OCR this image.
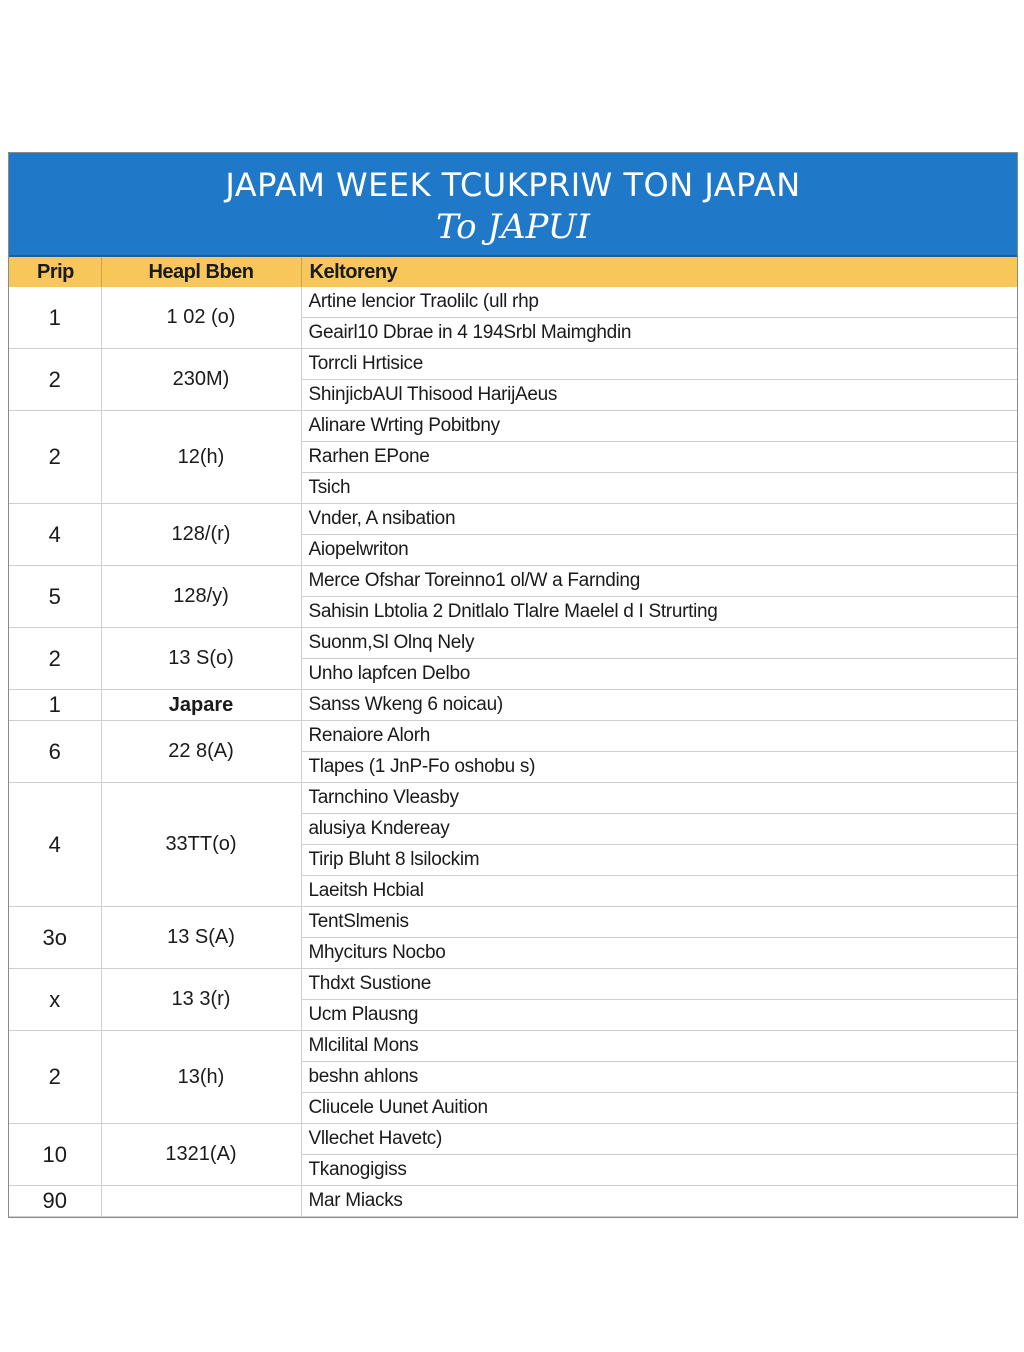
JAPAM WEEK TCUKPRIW TON JAPAN
To JAPUI
Prip	Heapl Bben	Keltoreny
1	1 02 (o)	Artine lencior Traolilc (ull rhp
		Geairl10 Dbrae in 4 194Srbl Maimghdin
2	230M)	Torrcli Hrtisice
		ShinjicbAUl Thisood HarijAeus
2	12(h)	Alinare Wrting Pobitbny
		Rarhen EPone
		Tsich
4	128/(r)	Vnder, A nsibation
		Aiopelwriton
5	128/y)	Merce Ofshar Toreinno1 ol/W a Farnding
		Sahisin Lbtolia 2 Dnitlalo Tlalre Maelel d I Strurting
2	13 S(o)	Suonm,Sl Olnq Nely
		Unho lapfcen Delbo
1	Japare	Sanss Wkeng 6 noicau)
6	22 8(A)	Renaiore Alorh
		Tlapes (1 JnP-Fo oshobu s)
4	33TT(o)	Tarnchino Vleasby
		alusiya Kndereay
		Tirip Bluht 8 lsilockim
		Laeitsh Hcbial
3o	13 S(A)	TentSlmenis
		Mhyciturs Nocbo
x	13 3(r)	Thdxt Sustione
		Ucm Plausng
2	13(h)	Mlcilital Mons
		beshn ahlons
		Cliucele Uunet Auition
10	1321(A)	Vllechet Havetc)
		Tkanogigiss
90		Mar Miacks
